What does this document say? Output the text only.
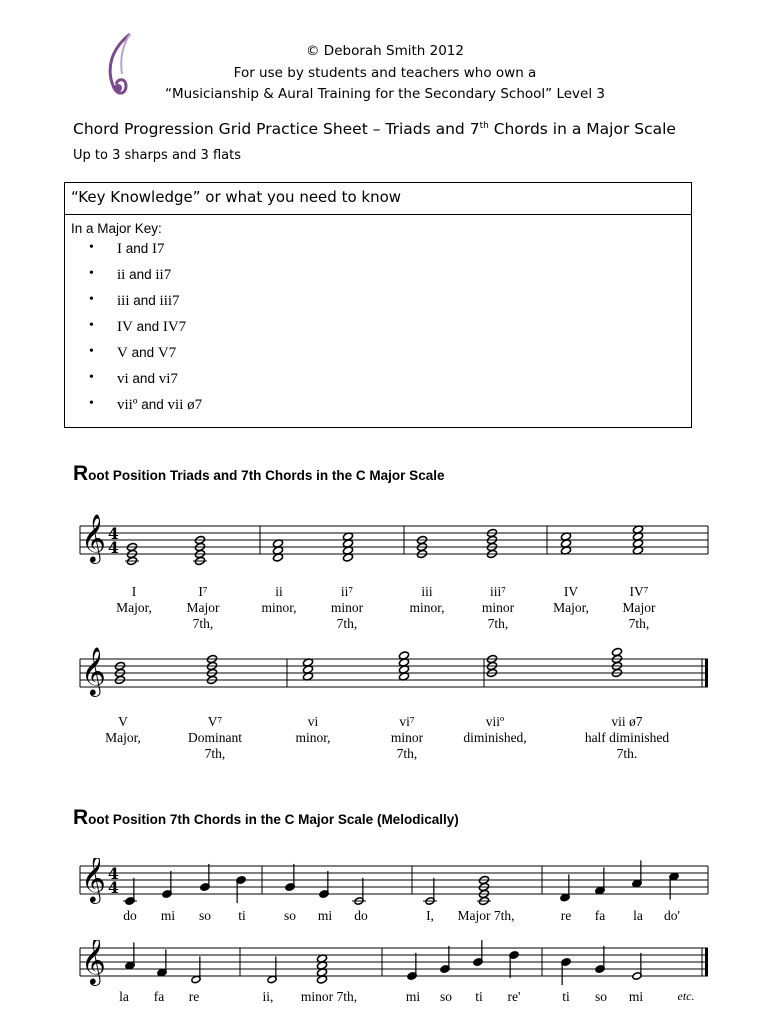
© Deborah Smith 2012
For use by students and teachers who own a
“Musicianship & Aural Training for the Secondary School” Level 3
Chord Progression Grid Practice Sheet – Triads and 7th Chords in a Major Scale
Up to 3 sharps and 3 flats
“Key Knowledge” or what you need to know
In a Major Key:
• I and I7
• ii and ii7
• iii and iii7
• IV and IV7
• V and V7
• vi and vi7
• viiº and vii ø7
Root Position Triads and 7th Chords in the C Major Scale
𝄞 4
4
I
Major,
I⁷
Major
7th,
ii
minor,
ii⁷
minor
7th,
iii
minor,
iii⁷
minor
7th,
IV
Major,
IV⁷
Major
7th,
𝄞
V
Major,
V⁷
Dominant
7th,
vi
minor,
vi⁷
minor
7th,
viiº
diminished,
vii ø7
half diminished
7th.
Root Position 7th Chords in the C Major Scale (Melodically)
𝄞 4
4
do	mi	so	ti	so	mi	do	I,	Major 7th,	re	fa	la	do'
𝄞
la	fa	re	ii,	minor 7th,	mi	so	ti	re'	ti	so	mi	etc.
